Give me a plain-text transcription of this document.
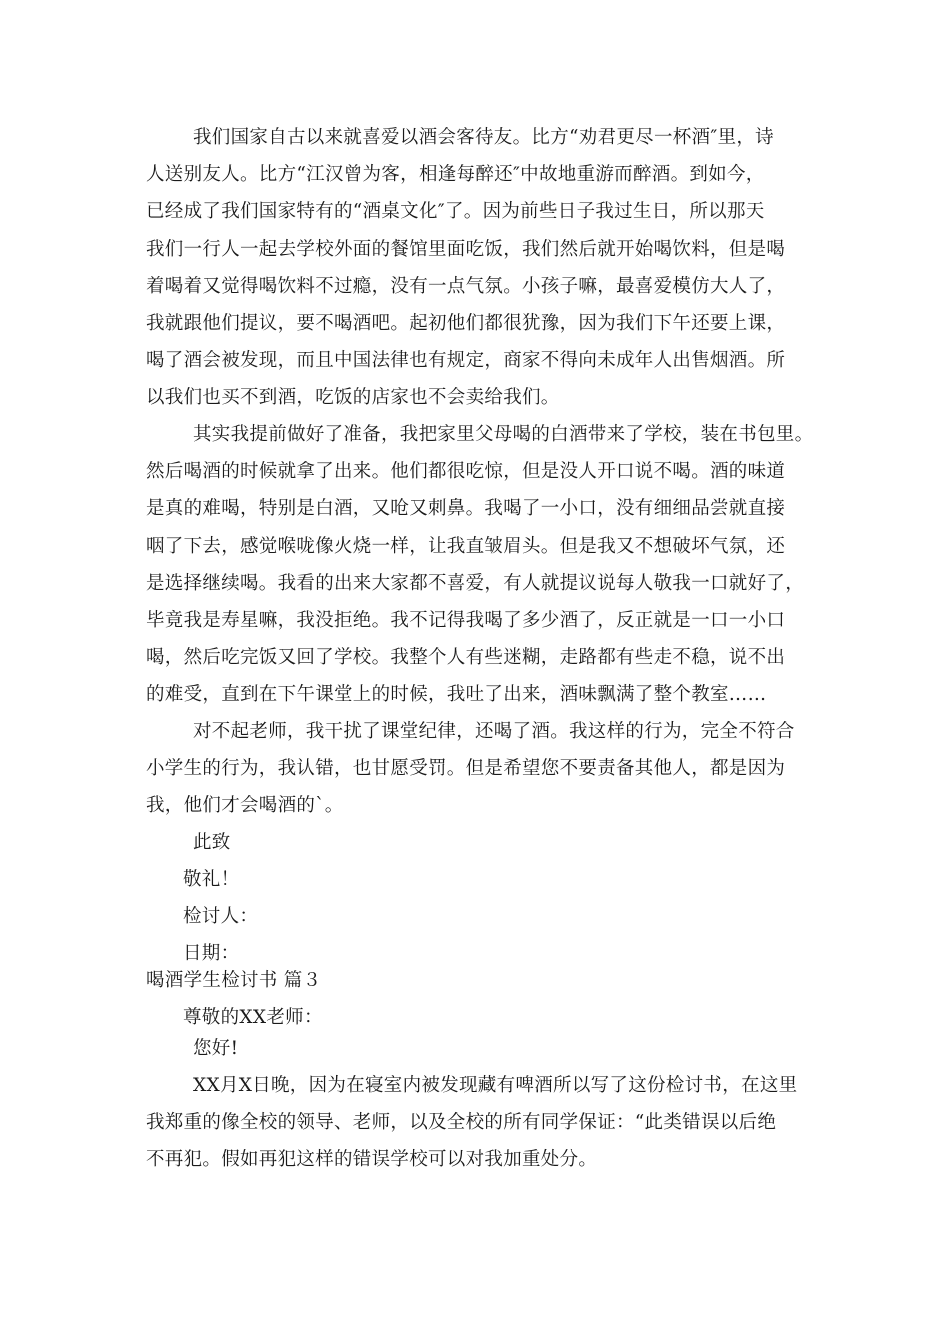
我们国家自古以来就喜爱以酒会客待友。比方“劝君更尽一杯酒″里，诗
人送别友人。比方“江汉曾为客，相逢每醉还″中故地重游而醉酒。到如今，
已经成了我们国家特有的“酒桌文化″了。因为前些日子我过生日，所以那天
我们一行人一起去学校外面的餐馆里面吃饭，我们然后就开始喝饮料，但是喝
着喝着又觉得喝饮料不过瘾，没有一点气氛。小孩子嘛，最喜爱模仿大人了，
我就跟他们提议，要不喝酒吧。起初他们都很犹豫，因为我们下午还要上课，
喝了酒会被发现，而且中国法律也有规定，商家不得向未成年人出售烟酒。所
以我们也买不到酒，吃饭的店家也不会卖给我们。
其实我提前做好了准备，我把家里父母喝的白酒带来了学校，装在书包里。
然后喝酒的时候就拿了出来。他们都很吃惊，但是没人开口说不喝。酒的味道
是真的难喝，特别是白酒，又呛又刺鼻。我喝了一小口，没有细细品尝就直接
咽了下去，感觉喉咙像火烧一样，让我直皱眉头。但是我又不想破坏气氛，还
是选择继续喝。我看的出来大家都不喜爱，有人就提议说每人敬我一口就好了，
毕竟我是寿星嘛，我没拒绝。我不记得我喝了多少酒了，反正就是一口一小口
喝，然后吃完饭又回了学校。我整个人有些迷糊，走路都有些走不稳，说不出
的难受，直到在下午课堂上的时候，我吐了出来，酒味飘满了整个教室……
对不起老师，我干扰了课堂纪律，还喝了酒。我这样的行为，完全不符合
小学生的行为，我认错，也甘愿受罚。但是希望您不要责备其他人，都是因为
我，他们才会喝酒的`。
此致
敬礼！
检讨人：
日期：
喝酒学生检讨书 篇３
尊敬的XX老师：
您好!
XX月X日晚，因为在寝室内被发现藏有啤酒所以写了这份检讨书，在这里
我郑重的像全校的领导、老师，以及全校的所有同学保证：“此类错误以后绝
不再犯。假如再犯这样的错误学校可以对我加重处分。
